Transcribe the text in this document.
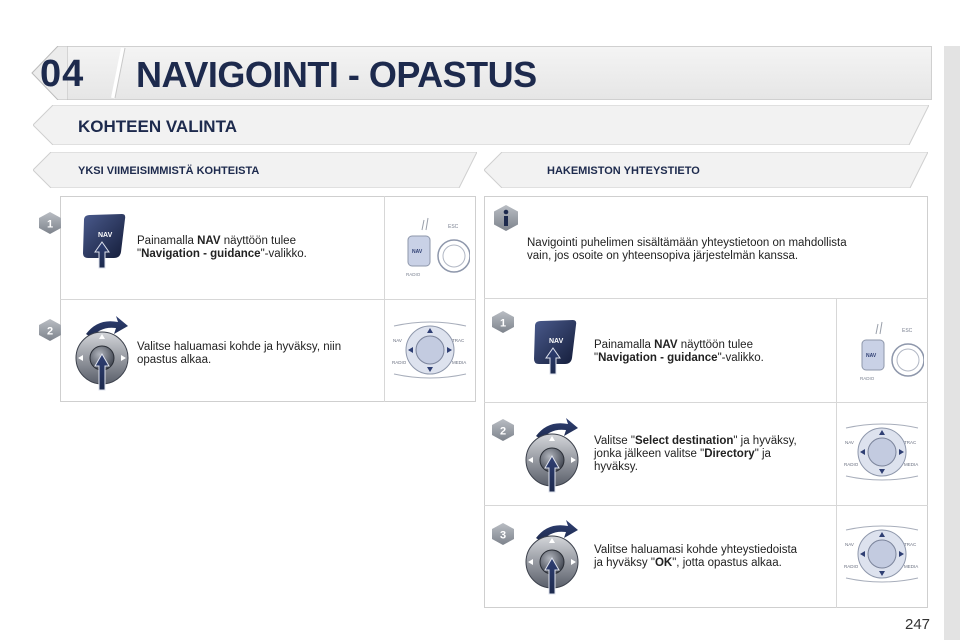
04 NAVIGOINTI - OPASTUS
KOHTEEN VALINTA
YKSI VIIMEISIMMISTÄ KOHTEISTA	HAKEMISTON YHTEYSTIETO
1
NAV Painamalla NAV näyttöön tulee
"Navigation - guidance"-valikko.	NAV
ESC
RADIO
2
Valitse haluamasi kohde ja hyväksy, niin
opastus alkaa.
NAV	TRAC
RADIO	MEDIA
Navigointi puhelimen sisältämään yhteystietoon on mahdollista
vain, jos osoite on yhteensopiva järjestelmän kanssa.
1
NAV	Painamalla NAV näyttöön tulee
"Navigation - guidance"-valikko.	NAV
ESC
RADIO
2
Valitse "Select destination" ja hyväksy,
jonka jälkeen valitse "Directory" ja
hyväksy.
NAV	TRAC
RADIO	MEDIA
3
Valitse haluamasi kohde yhteystiedoista
ja hyväksy "OK", jotta opastus alkaa.
NAV	TRAC
RADIO	MEDIA
247
